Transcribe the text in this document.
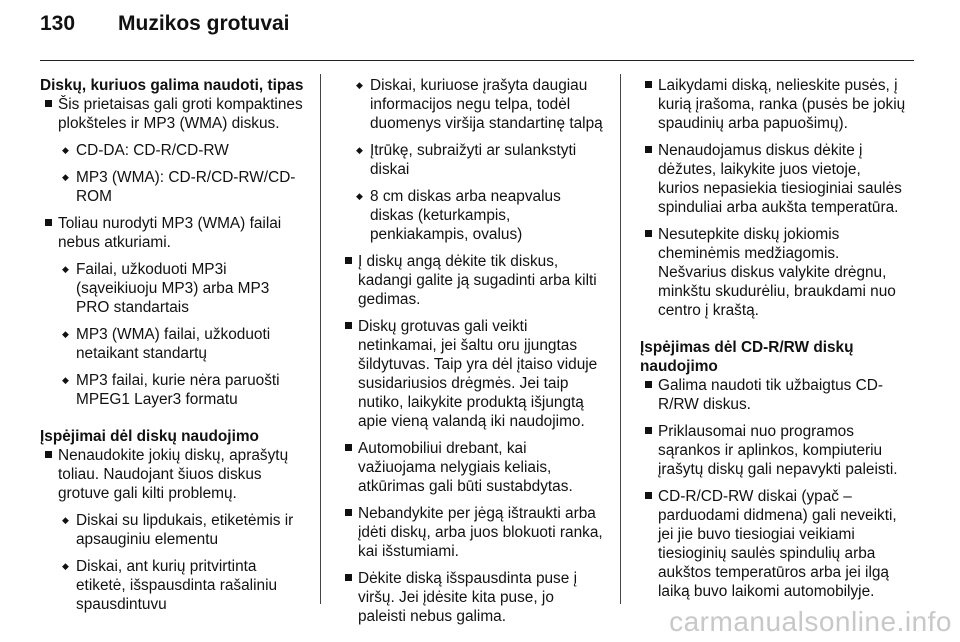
130	Muzikos grotuvai
Diskų, kuriuos galima naudoti, tipas
Šis prietaisas gali groti kompaktines plokšteles ir MP3 (WMA) diskus.
◆ CD-DA: CD-R/CD-RW
◆ MP3 (WMA): CD-R/CD-RW/CD-ROM
Toliau nurodyti MP3 (WMA) failai nebus atkuriami.
◆ Failai, užkoduoti MP3i (sąveikiuoju MP3) arba MP3 PRO standartais
◆ MP3 (WMA) failai, užkoduoti netaikant standartų
◆ MP3 failai, kurie nėra paruošti MPEG1 Layer3 formatu
Įspėjimai dėl diskų naudojimo
Nenaudokite jokių diskų, aprašytų toliau. Naudojant šiuos diskus grotuve gali kilti problemų.
◆ Diskai su lipdukais, etiketėmis ir apsauginiu elementu
◆ Diskai, ant kurių pritvirtinta etiketė, išspausdinta rašaliniu spausdintuvu
◆ Diskai, kuriuose įrašyta daugiau informacijos negu telpa, todėl duomenys viršija standartinę talpą
◆ Įtrūkę, subraižyti ar sulankstyti diskai
◆ 8 cm diskas arba neapvalus diskas (keturkampis, penkiakampis, ovalus)
Į diskų angą dėkite tik diskus, kadangi galite ją sugadinti arba kilti gedimas.
Diskų grotuvas gali veikti netinkamai, jei šaltu oru įjungtas šildytuvas. Taip yra dėl įtaiso viduje susidariusios drėgmės. Jei taip nutiko, laikykite produktą išjungtą apie vieną valandą iki naudojimo.
Automobiliui drebant, kai važiuojama nelygiais keliais, atkūrimas gali būti sustabdytas.
Nebandykite per jėgą ištraukti arba įdėti diskų, arba juos blokuoti ranka, kai išstumiami.
Dėkite diską išspausdinta puse į viršų. Jei įdėsite kita puse, jo paleisti nebus galima.
Laikydami diską, nelieskite pusės, į kurią įrašoma, ranka (pusės be jokių spaudinių arba papuošimų).
Nenaudojamus diskus dėkite į dėžutes, laikykite juos vietoje, kurios nepasiekia tiesioginiai saulės spinduliai arba aukšta temperatūra.
Nesutepkite diskų jokiomis cheminėmis medžiagomis. Nešvarius diskus valykite drėgnu, minkštu skudurėliu, braukdami nuo centro į kraštą.
Įspėjimas dėl CD-R/RW diskų naudojimo
Galima naudoti tik užbaigtus CD-R/RW diskus.
Priklausomai nuo programos sąrankos ir aplinkos, kompiuteriu įrašytų diskų gali nepavykti paleisti.
CD-R/CD-RW diskai (ypač – parduodami didmena) gali neveikti, jei jie buvo tiesiogiai veikiami tiesioginių saulės spindulių arba aukštos temperatūros arba jei ilgą laiką buvo laikomi automobilyje.
carmanualsonline.info
